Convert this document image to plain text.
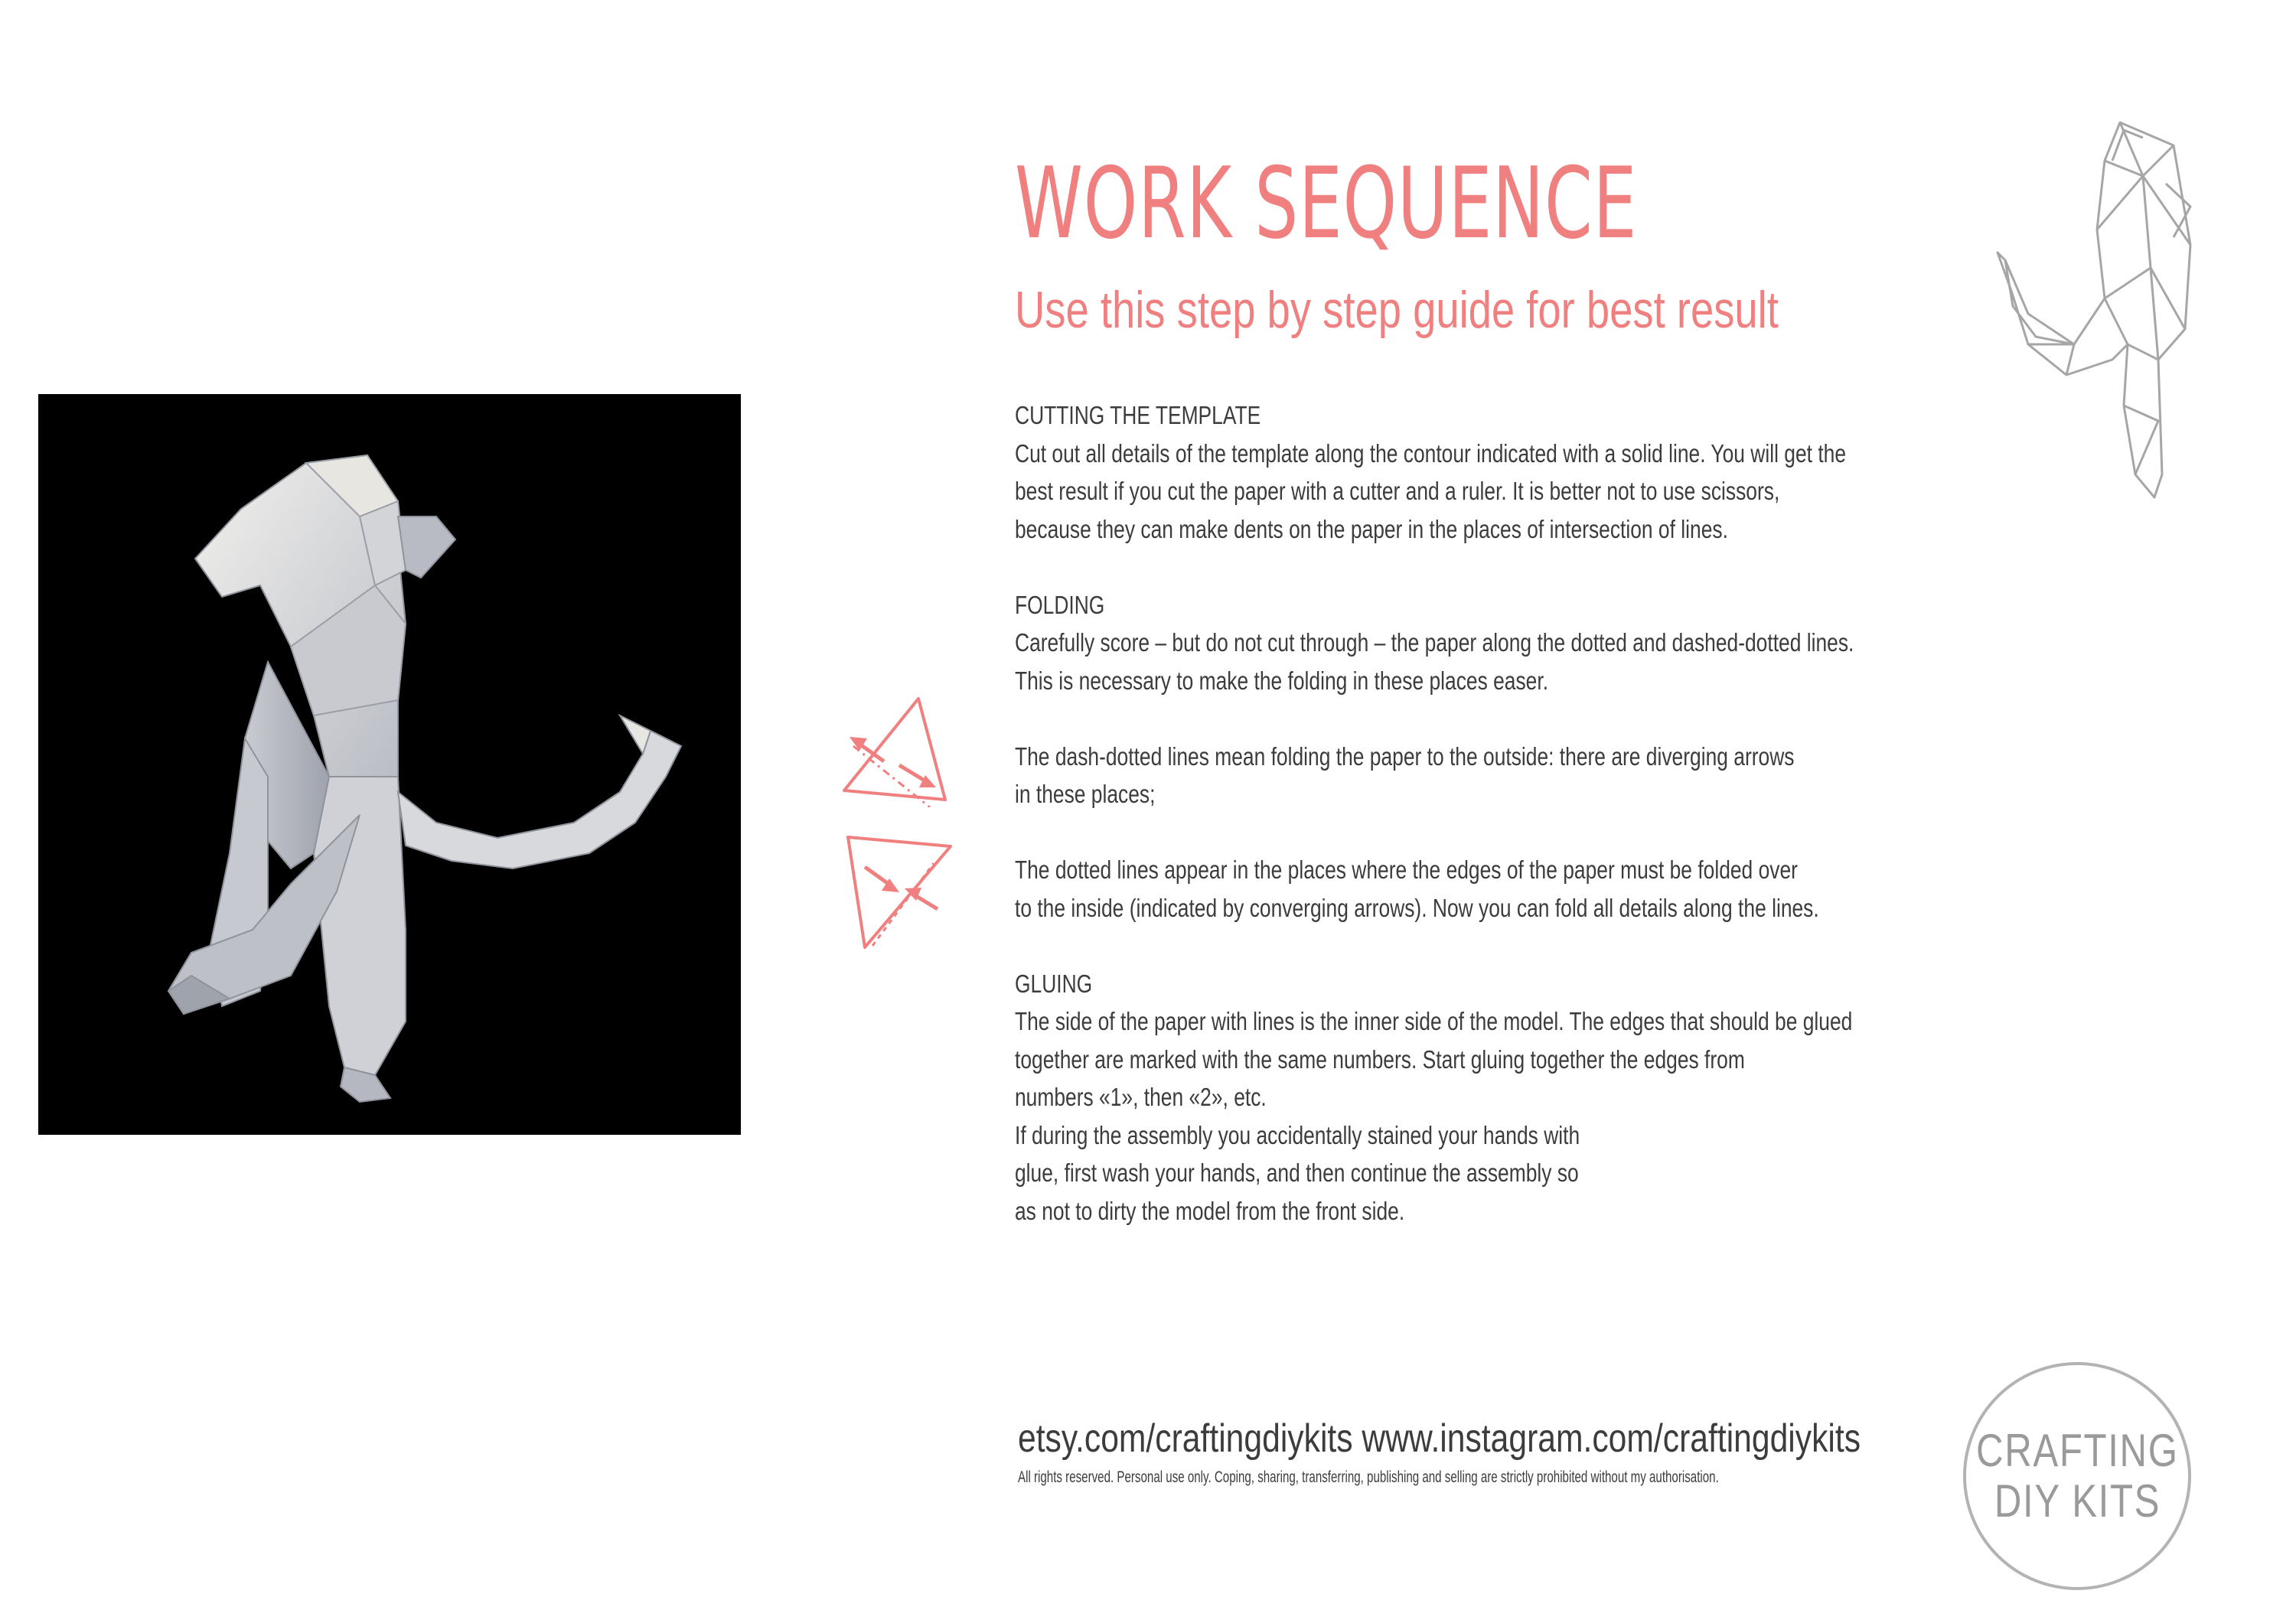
WORK SEQUENCE
Use this step by step guide for best result
CUTTING THE TEMPLATE
Cut out all details of the template along the contour indicated with a solid line. You will get the
best result if you cut the paper with a cutter and a ruler. It is better not to use scissors,
because they can make dents on the paper in the places of intersection of lines.
FOLDING
Carefully score – but do not cut through – the paper along the dotted and dashed-dotted lines.
This is necessary to make the folding in these places easer.
The dash-dotted lines mean folding the paper to the outside: there are diverging arrows
in these places;
The dotted lines appear in the places where the edges of the paper must be folded over
to the inside (indicated by converging arrows). Now you can fold all details along the lines.
GLUING
The side of the paper with lines is the inner side of the model. The edges that should be glued
together are marked with the same numbers. Start gluing together the edges from
numbers «1», then «2», etc.
If during the assembly you accidentally stained your hands with
glue, first wash your hands, and then continue the assembly so
as not to dirty the model from the front side.
etsy.com/craftingdiykits www.instagram.com/craftingdiykits
All rights reserved. Personal use only. Coping, sharing, transferring, publishing and selling are strictly prohibited without my authorisation.
CRAFTING
DIY KITS
